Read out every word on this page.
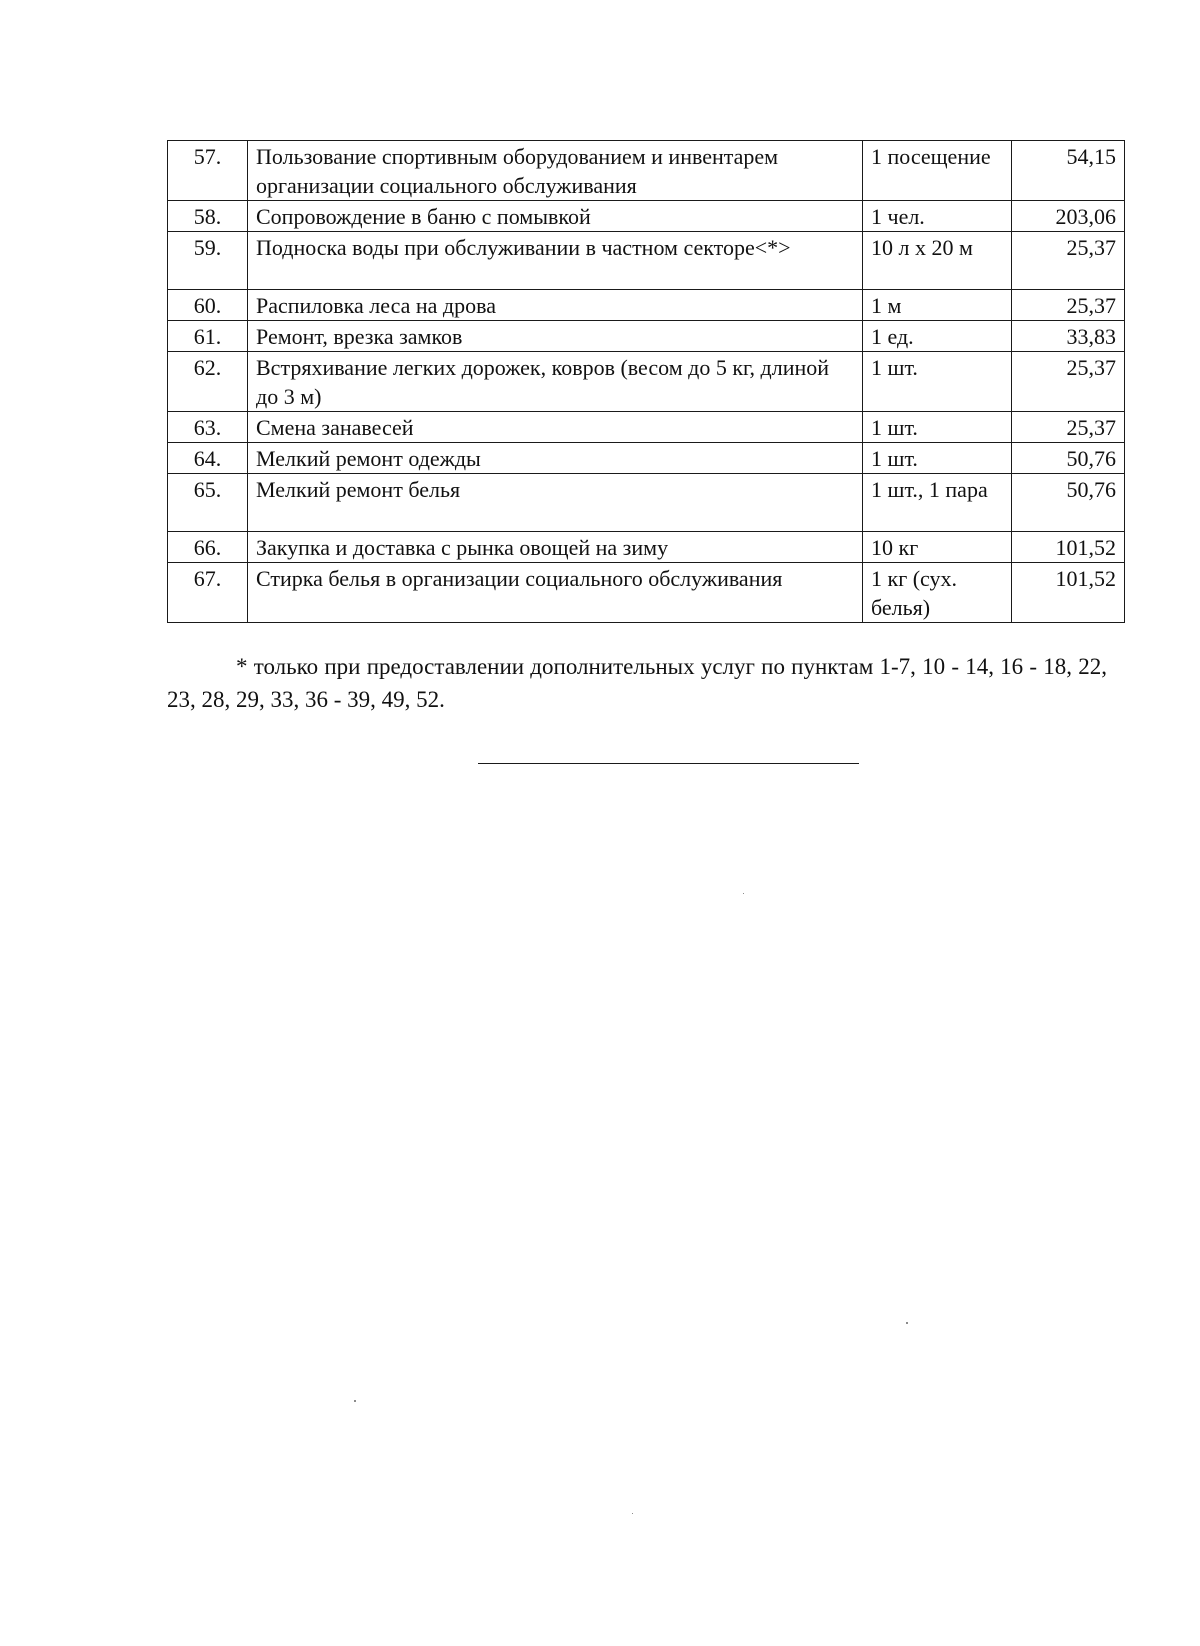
57.	Пользование спортивным оборудованием и инвентарем организации социального обслуживания	1 посещение	54,15
58.	Сопровождение в баню с помывкой	1 чел.	203,06
59.	Подноска воды при обслуживании в частном секторе<*>	10 л х 20 м	25,37
60.	Распиловка леса на дрова	1 м	25,37
61.	Ремонт, врезка замков	1 ед.	33,83
62.	Встряхивание легких дорожек, ковров (весом до 5 кг, длиной до 3 м)	1 шт.	25,37
63.	Смена занавесей	1 шт.	25,37
64.	Мелкий ремонт одежды	1 шт.	50,76
65.	Мелкий ремонт белья	1 шт., 1 пара	50,76
66.	Закупка и доставка с рынка овощей на зиму	10 кг	101,52
67.	Стирка белья в организации социального обслуживания	1 кг (сух. белья)	101,52

* только при предоставлении дополнительных услуг по пунктам 1-7, 10 - 14, 16 - 18, 22, 23, 28, 29, 33, 36 - 39, 49, 52.
